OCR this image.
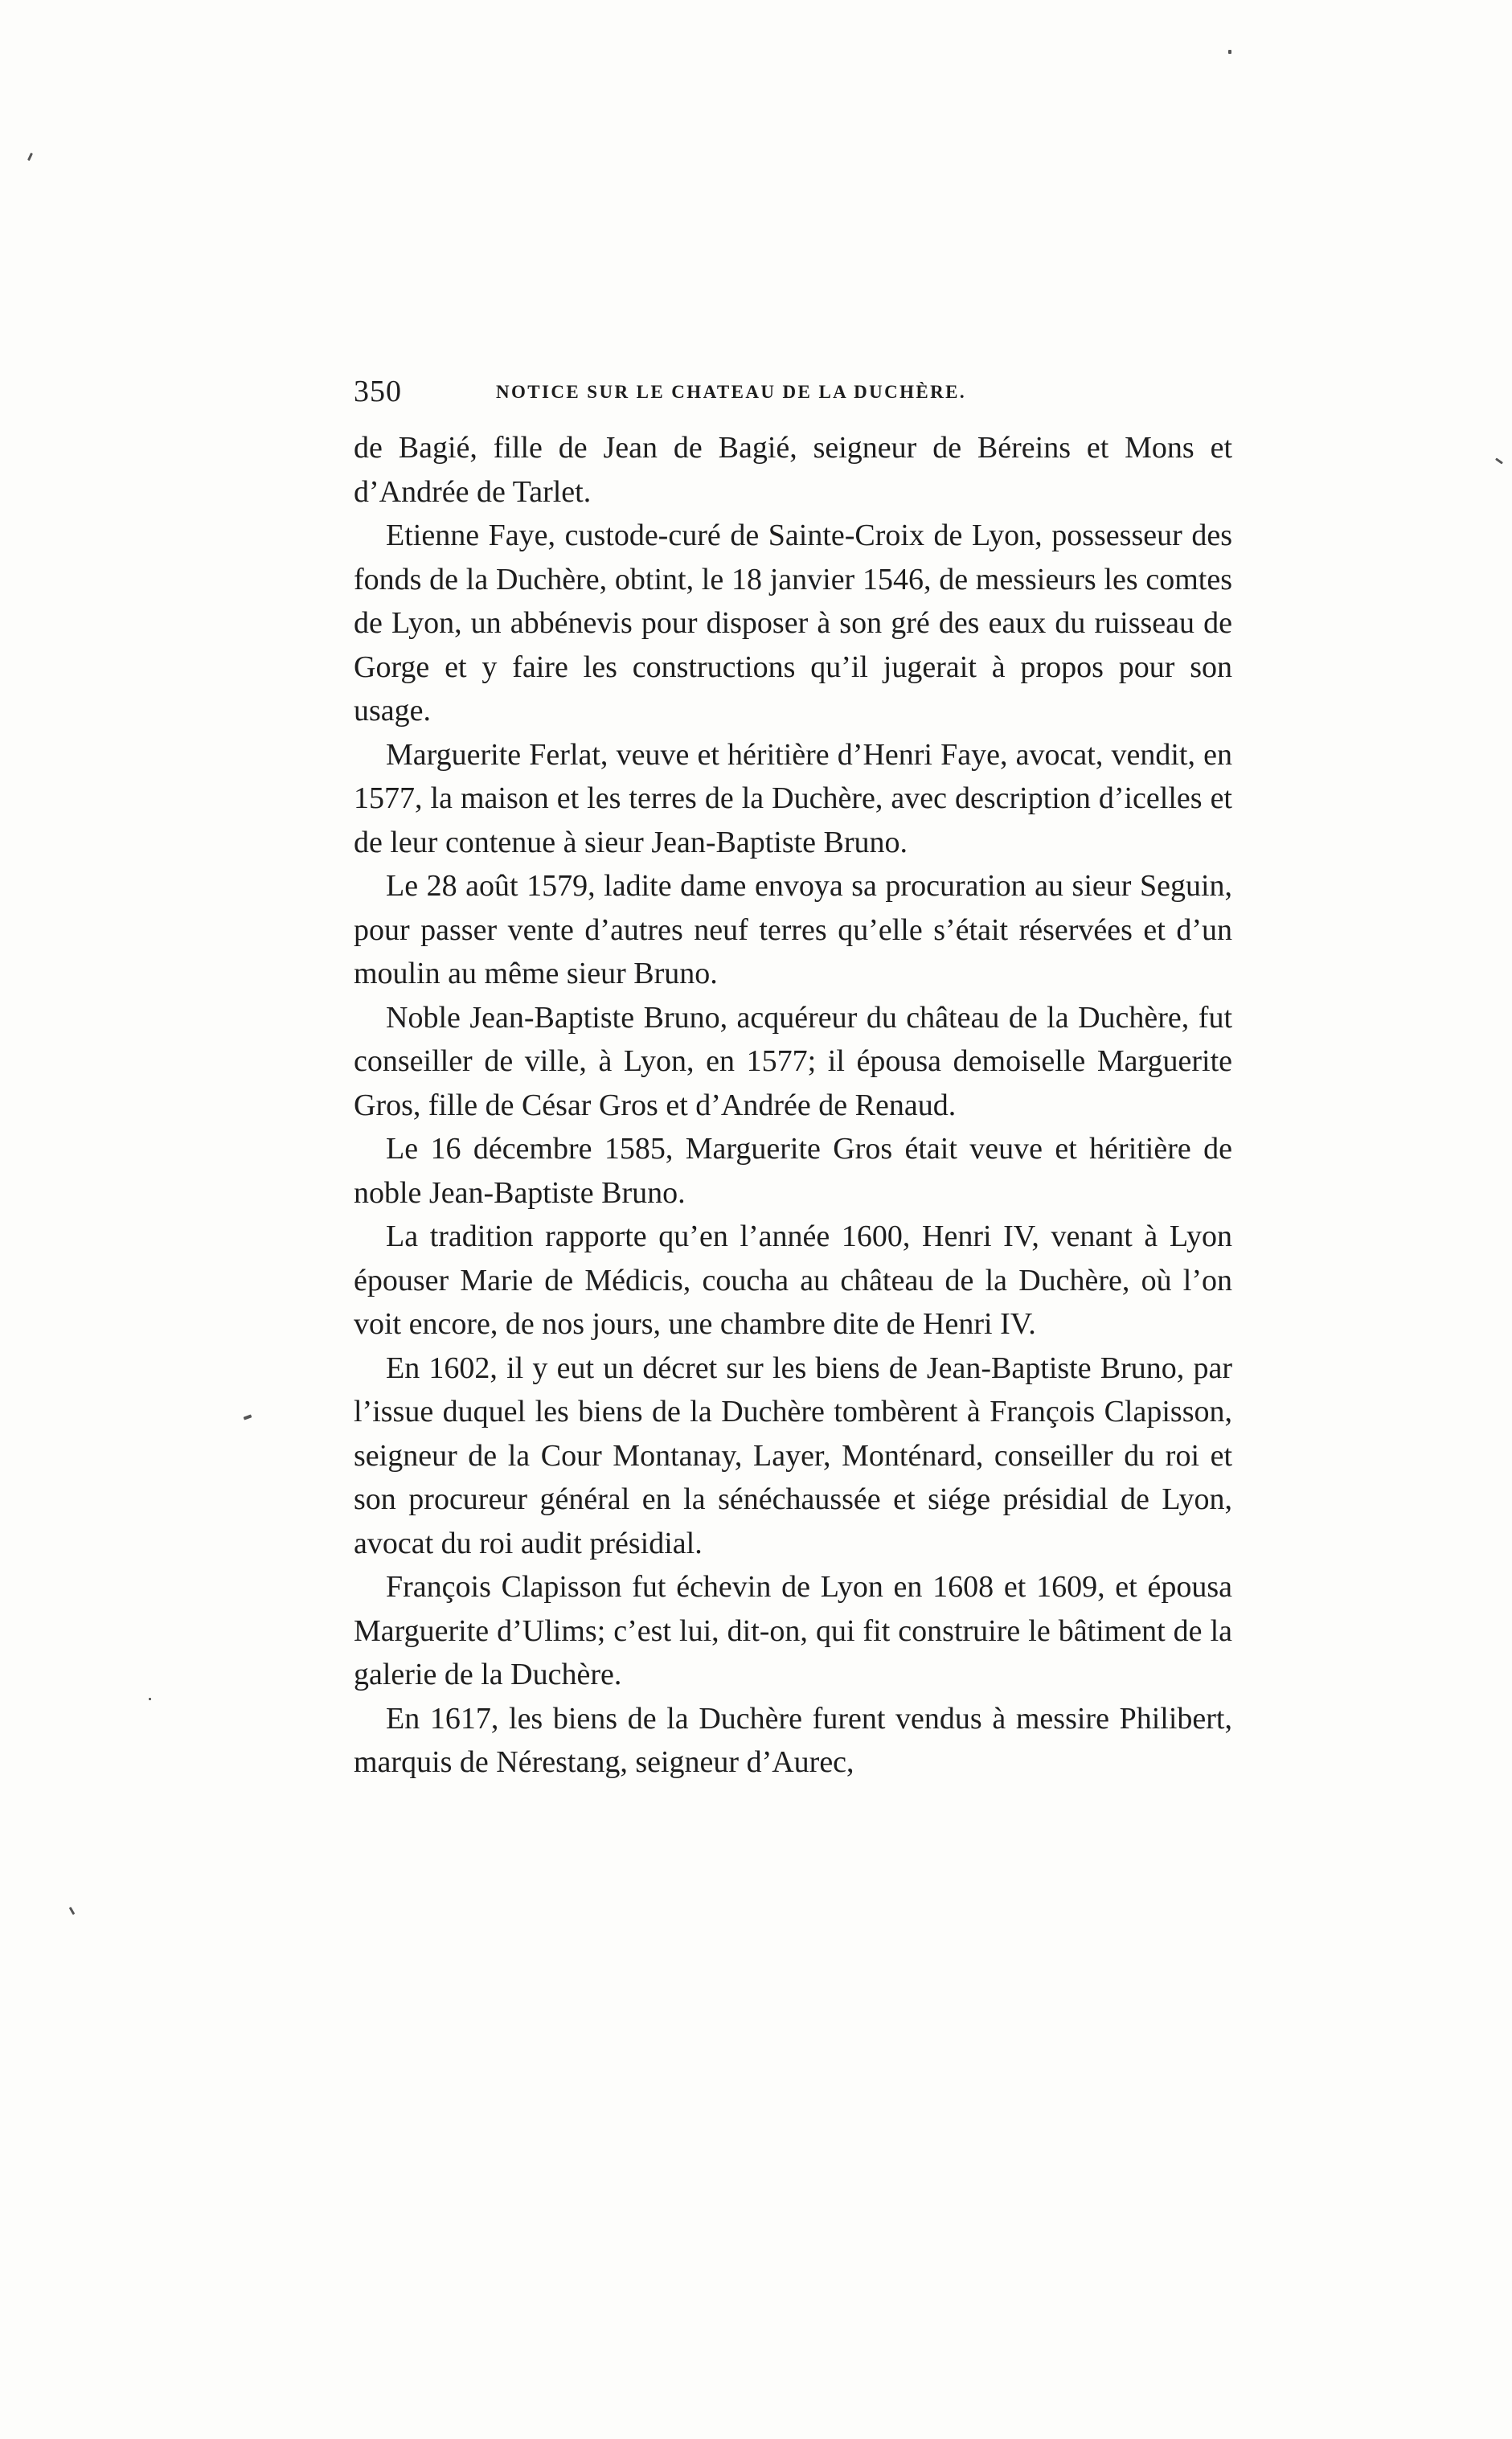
350	NOTICE SUR LE CHATEAU DE LA DUCHÈRE.

de Bagié, fille de Jean de Bagié, seigneur de Béreins et Mons et d’Andrée de Tarlet.

Etienne Faye, custode-curé de Sainte-Croix de Lyon, possesseur des fonds de la Duchère, obtint, le 18 janvier 1546, de messieurs les comtes de Lyon, un abbénevis pour disposer à son gré des eaux du ruisseau de Gorge et y faire les constructions qu’il jugerait à propos pour son usage.

Marguerite Ferlat, veuve et héritière d’Henri Faye, avocat, vendit, en 1577, la maison et les terres de la Duchère, avec description d’icelles et de leur contenue à sieur Jean-Baptiste Bruno.

Le 28 août 1579, ladite dame envoya sa procuration au sieur Seguin, pour passer vente d’autres neuf terres qu’elle s’était réservées et d’un moulin au même sieur Bruno.

Noble Jean-Baptiste Bruno, acquéreur du château de la Duchère, fut conseiller de ville, à Lyon, en 1577; il épousa demoiselle Marguerite Gros, fille de César Gros et d’Andrée de Renaud.

Le 16 décembre 1585, Marguerite Gros était veuve et héritière de noble Jean-Baptiste Bruno.

La tradition rapporte qu’en l’année 1600, Henri IV, venant à Lyon épouser Marie de Médicis, coucha au château de la Duchère, où l’on voit encore, de nos jours, une chambre dite de Henri IV.

En 1602, il y eut un décret sur les biens de Jean-Baptiste Bruno, par l’issue duquel les biens de la Duchère tombèrent à François Clapisson, seigneur de la Cour Montanay, Layer, Monténard, conseiller du roi et son procureur général en la sénéchaussée et siége présidial de Lyon, avocat du roi audit présidial.

François Clapisson fut échevin de Lyon en 1608 et 1609, et épousa Marguerite d’Ulims; c’est lui, dit-on, qui fit construire le bâtiment de la galerie de la Duchère.

En 1617, les biens de la Duchère furent vendus à messire Philibert, marquis de Nérestang, seigneur d’Aurec,
